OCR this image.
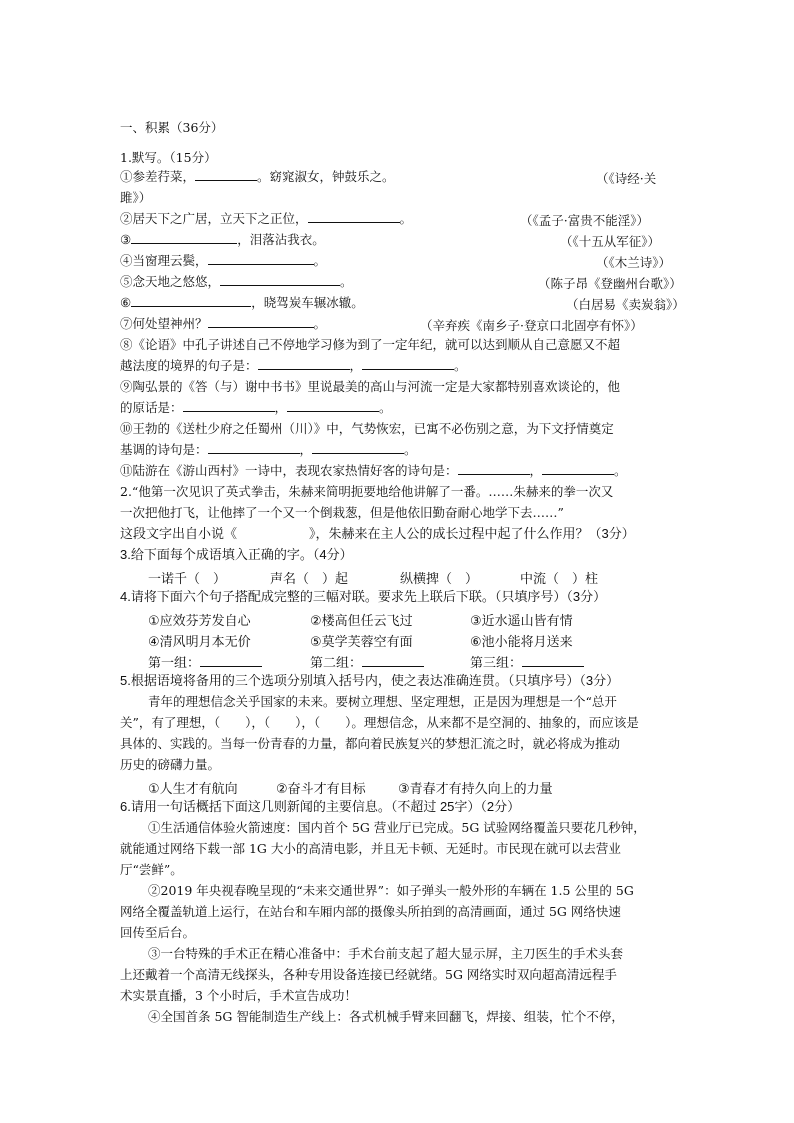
一、积累（36分）
1.默写。（15分）
①参差荇菜，	。窈窕淑女，钟鼓乐之。	（《诗经·关
雎》）
②居天下之广居，立天下之正位，	。	（《孟子·富贵不能淫》）
③	，泪落沾我衣。	（《十五从军征》）
④当窗理云鬓，	。	（《木兰诗》）
⑤念天地之悠悠，	。	（陈子昂《登幽州台歌》）
⑥	，晓驾炭车辗冰辙。	（白居易《卖炭翁》）
⑦何处望神州？	。	（辛弃疾《南乡子·登京口北固亭有怀》）
⑧《论语》中孔子讲述自己不停地学习修为到了一定年纪，就可以达到顺从自己意愿又不超
越法度的境界的句子是：	，	。
⑨陶弘景的《答（与）谢中书书》里说最美的高山与河流一定是大家都特别喜欢谈论的，他
的原话是：	，	。
⑩王勃的《送杜少府之任蜀州（川）》中，气势恢宏，已寓不必伤别之意，为下文抒情奠定
基调的诗句是：	，	。
⑪陆游在《游山西村》一诗中，表现农家热情好客的诗句是：	，	。
2.“他第一次见识了英式拳击，朱赫来简明扼要地给他讲解了一番。……朱赫来的拳一次又
一次把他打飞，让他摔了一个又一个倒栽葱，但是他依旧勤奋耐心地学下去……”
这段文字出自小说《	》，朱赫来在主人公的成长过程中起了什么作用？（3分）
3.给下面每个成语填入正确的字。（4分）
一诺千（　）	声名（　）起	纵横捭（　）	中流（　）柱
4.请将下面六个句子搭配成完整的三幅对联。要求先上联后下联。（只填序号）（3分）
①应效芬芳发自心	②楼高但任云飞过	③近水遥山皆有情
④清风明月本无价	⑤莫学芙蓉空有面	⑥池小能将月送来
第一组：	第二组：	第三组：
5.根据语境将备用的三个选项分别填入括号内，使之表达准确连贯。（只填序号）（3分）
青年的理想信念关乎国家的未来。要树立理想、坚定理想，正是因为理想是一个“总开
关”，有了理想，（　　），（　　），（　　）。理想信念，从来都不是空洞的、抽象的，而应该是
具体的、实践的。当每一份青春的力量，都向着民族复兴的梦想汇流之时，就必将成为推动
历史的磅礴力量。
①人生才有航向	②奋斗才有目标 ③青春才有持久向上的力量
6.请用一句话概括下面这几则新闻的主要信息。（不超过 25字）（2分）
①生活通信体验火箭速度：国内首个 5G 营业厅已完成。5G 试验网络覆盖只要花几秒钟，
就能通过网络下载一部 1G 大小的高清电影，并且无卡顿、无延时。市民现在就可以去营业
厅“尝鲜”。
②2019 年央视春晚呈现的“未来交通世界”：如子弹头一般外形的车辆在 1.5 公里的 5G
网络全覆盖轨道上运行，在站台和车厢内部的摄像头所拍到的高清画面，通过 5G 网络快速
回传至后台。
③一台特殊的手术正在精心准备中：手术台前支起了超大显示屏，主刀医生的手术头套
上还戴着一个高清无线探头，各种专用设备连接已经就绪。5G 网络实时双向超高清远程手
术实景直播，3 个小时后，手术宣告成功！
④全国首条 5G 智能制造生产线上：各式机械手臂来回翻飞，焊接、组装，忙个不停，
